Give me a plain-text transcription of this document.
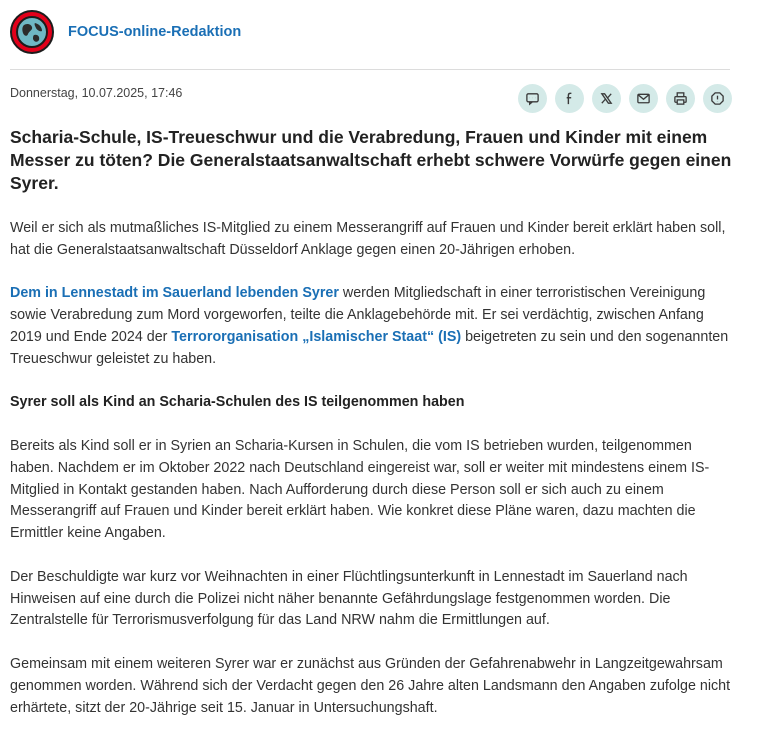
FOCUS-online-Redaktion
Donnerstag, 10.07.2025, 17:46
Scharia-Schule, IS-Treueschwur und die Verabredung, Frauen und Kinder mit einem Messer zu töten? Die Generalstaatsanwaltschaft erhebt schwere Vorwürfe gegen einen Syrer.

Weil er sich als mutmaßliches IS-Mitglied zu einem Messerangriff auf Frauen und Kinder bereit erklärt haben soll, hat die Generalstaatsanwaltschaft Düsseldorf Anklage gegen einen 20-Jährigen erhoben.

Dem in Lennestadt im Sauerland lebenden Syrer werden Mitgliedschaft in einer terroristischen Vereinigung sowie Verabredung zum Mord vorgeworfen, teilte die Anklagebehörde mit. Er sei verdächtig, zwischen Anfang 2019 und Ende 2024 der Terrororganisation „Islamischer Staat“ (IS) beigetreten zu sein und den sogenannten Treueschwur geleistet zu haben.

Syrer soll als Kind an Scharia-Schulen des IS teilgenommen haben

Bereits als Kind soll er in Syrien an Scharia-Kursen in Schulen, die vom IS betrieben wurden, teilgenommen haben. Nachdem er im Oktober 2022 nach Deutschland eingereist war, soll er weiter mit mindestens einem IS-Mitglied in Kontakt gestanden haben. Nach Aufforderung durch diese Person soll er sich auch zu einem Messerangriff auf Frauen und Kinder bereit erklärt haben. Wie konkret diese Pläne waren, dazu machten die Ermittler keine Angaben.

Der Beschuldigte war kurz vor Weihnachten in einer Flüchtlingsunterkunft in Lennestadt im Sauerland nach Hinweisen auf eine durch die Polizei nicht näher benannte Gefährdungslage festgenommen worden. Die Zentralstelle für Terrorismusverfolgung für das Land NRW nahm die Ermittlungen auf.

Gemeinsam mit einem weiteren Syrer war er zunächst aus Gründen der Gefahrenabwehr in Langzeitgewahrsam genommen worden. Während sich der Verdacht gegen den 26 Jahre alten Landsmann den Angaben zufolge nicht erhärtete, sitzt der 20-Jährige seit 15. Januar in Untersuchungshaft.
